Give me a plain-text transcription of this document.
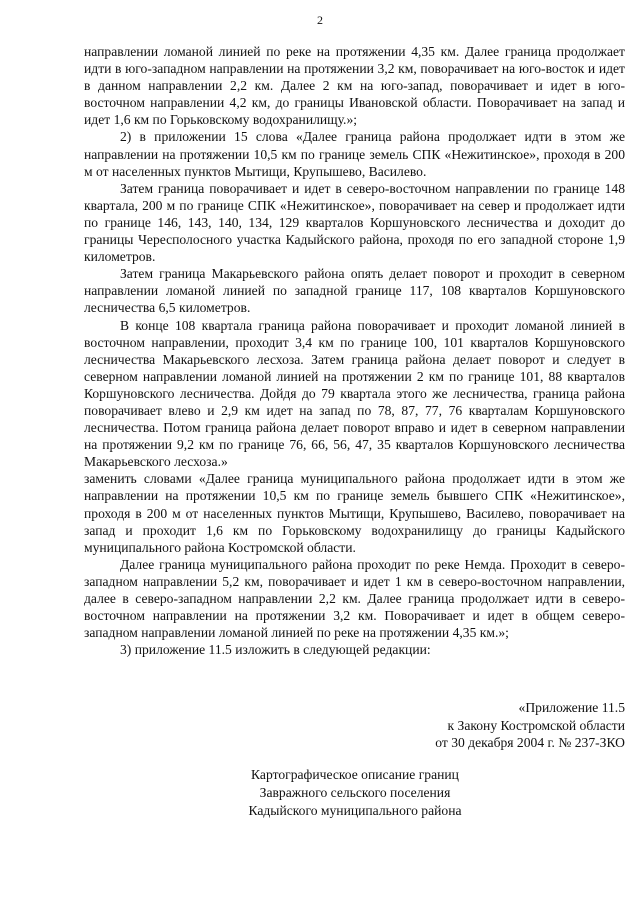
2

направлении ломаной линией по реке на протяжении 4,35 км. Далее граница продолжает идти в юго-западном направлении на протяжении 3,2 км, поворачивает на юго-восток и идет в данном направлении 2,2 км. Далее 2 км на юго-запад, поворачивает и идет в юго-восточном направлении 4,2 км, до границы Ивановской области. Поворачивает на запад и идет 1,6 км по Горьковскому водохранилищу.»;

2) в приложении 15 слова «Далее граница района продолжает идти в этом же направлении на протяжении 10,5 км по границе земель СПК «Нежитинское», проходя в 200 м от населенных пунктов Мытищи, Крупышево, Василево.

Затем граница поворачивает и идет в северо-восточном направлении по границе 148 квартала, 200 м по границе СПК «Нежитинское», поворачивает на север и продолжает идти по границе 146, 143, 140, 134, 129 кварталов Коршуновского лесничества и доходит до границы Чересполосного участка Кадыйского района, проходя по его западной стороне 1,9 километров.

Затем граница Макарьевского района опять делает поворот и проходит в северном направлении ломаной линией по западной границе 117, 108 кварталов Коршуновского лесничества 6,5 километров.

В конце 108 квартала граница района поворачивает и проходит ломаной линией в восточном направлении, проходит 3,4 км по границе 100, 101 кварталов Коршуновского лесничества Макарьевского лесхоза. Затем граница района делает поворот и следует в северном направлении ломаной линией на протяжении 2 км по границе 101, 88 кварталов Коршуновского лесничества. Дойдя до 79 квартала этого же лесничества, граница района поворачивает влево и 2,9 км идет на запад по 78, 87, 77, 76 кварталам Коршуновского лесничества. Потом граница района делает поворот вправо и идет в северном направлении на протяжении 9,2 км по границе 76, 66, 56, 47, 35 кварталов Коршуновского лесничества Макарьевского лесхоза.»

заменить словами «Далее граница муниципального района продолжает идти в этом же направлении на протяжении 10,5 км по границе земель бывшего СПК «Нежитинское», проходя в 200 м от населенных пунктов Мытищи, Крупышево, Василево, поворачивает на запад и проходит 1,6 км по Горьковскому водохранилищу до границы Кадыйского муниципального района Костромской области.

Далее граница муниципального района проходит по реке Немда. Проходит в северо-западном направлении 5,2 км, поворачивает и идет 1 км в северо-восточном направлении, далее в северо-западном направлении 2,2 км. Далее граница продолжает идти в северо-восточном направлении на протяжении 3,2 км. Поворачивает и идет в общем северо-западном направлении ломаной линией по реке на протяжении 4,35 км.»;

3) приложение 11.5 изложить в следующей редакции:

«Приложение 11.5
к Закону Костромской области
от 30 декабря 2004 г. № 237-ЗКО
Картографическое описание границ
Завражного сельского поселения
Кадыйского муниципального района
